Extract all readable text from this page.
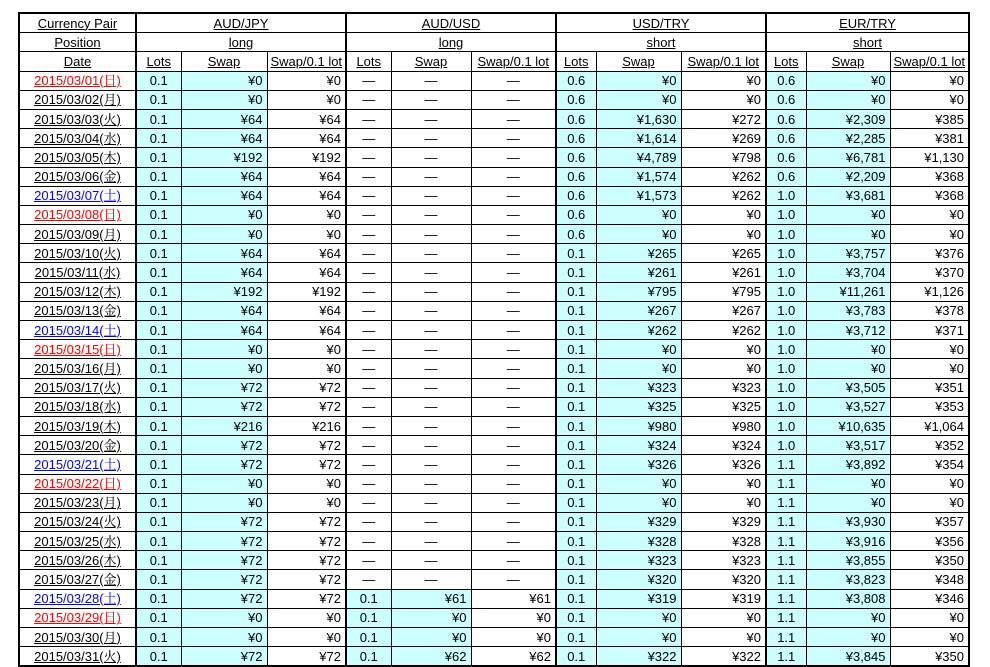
Currency Pair	AUD/JPY			AUD/USD			USD/TRY			EUR/TRY		
Position	long			long			short			short		
Date	Lots	Swap	Swap/0.1 lot	Lots	Swap	Swap/0.1 lot	Lots	Swap	Swap/0.1 lot	Lots	Swap	Swap/0.1 lot
2015/03/01(日)	0.1	¥0	¥0	—	—	—	0.6	¥0	¥0	0.6	¥0	¥0
2015/03/02(月)	0.1	¥0	¥0	—	—	—	0.6	¥0	¥0	0.6	¥0	¥0
2015/03/03(火)	0.1	¥64	¥64	—	—	—	0.6	¥1,630	¥272	0.6	¥2,309	¥385
2015/03/04(水)	0.1	¥64	¥64	—	—	—	0.6	¥1,614	¥269	0.6	¥2,285	¥381
2015/03/05(木)	0.1	¥192	¥192	—	—	—	0.6	¥4,789	¥798	0.6	¥6,781	¥1,130
2015/03/06(金)	0.1	¥64	¥64	—	—	—	0.6	¥1,574	¥262	0.6	¥2,209	¥368
2015/03/07(土)	0.1	¥64	¥64	—	—	—	0.6	¥1,573	¥262	1.0	¥3,681	¥368
2015/03/08(日)	0.1	¥0	¥0	—	—	—	0.6	¥0	¥0	1.0	¥0	¥0
2015/03/09(月)	0.1	¥0	¥0	—	—	—	0.6	¥0	¥0	1.0	¥0	¥0
2015/03/10(火)	0.1	¥64	¥64	—	—	—	0.1	¥265	¥265	1.0	¥3,757	¥376
2015/03/11(水)	0.1	¥64	¥64	—	—	—	0.1	¥261	¥261	1.0	¥3,704	¥370
2015/03/12(木)	0.1	¥192	¥192	—	—	—	0.1	¥795	¥795	1.0	¥11,261	¥1,126
2015/03/13(金)	0.1	¥64	¥64	—	—	—	0.1	¥267	¥267	1.0	¥3,783	¥378
2015/03/14(土)	0.1	¥64	¥64	—	—	—	0.1	¥262	¥262	1.0	¥3,712	¥371
2015/03/15(日)	0.1	¥0	¥0	—	—	—	0.1	¥0	¥0	1.0	¥0	¥0
2015/03/16(月)	0.1	¥0	¥0	—	—	—	0.1	¥0	¥0	1.0	¥0	¥0
2015/03/17(火)	0.1	¥72	¥72	—	—	—	0.1	¥323	¥323	1.0	¥3,505	¥351
2015/03/18(水)	0.1	¥72	¥72	—	—	—	0.1	¥325	¥325	1.0	¥3,527	¥353
2015/03/19(木)	0.1	¥216	¥216	—	—	—	0.1	¥980	¥980	1.0	¥10,635	¥1,064
2015/03/20(金)	0.1	¥72	¥72	—	—	—	0.1	¥324	¥324	1.0	¥3,517	¥352
2015/03/21(土)	0.1	¥72	¥72	—	—	—	0.1	¥326	¥326	1.1	¥3,892	¥354
2015/03/22(日)	0.1	¥0	¥0	—	—	—	0.1	¥0	¥0	1.1	¥0	¥0
2015/03/23(月)	0.1	¥0	¥0	—	—	—	0.1	¥0	¥0	1.1	¥0	¥0
2015/03/24(火)	0.1	¥72	¥72	—	—	—	0.1	¥329	¥329	1.1	¥3,930	¥357
2015/03/25(水)	0.1	¥72	¥72	—	—	—	0.1	¥328	¥328	1.1	¥3,916	¥356
2015/03/26(木)	0.1	¥72	¥72	—	—	—	0.1	¥323	¥323	1.1	¥3,855	¥350
2015/03/27(金)	0.1	¥72	¥72	—	—	—	0.1	¥320	¥320	1.1	¥3,823	¥348
2015/03/28(土)	0.1	¥72	¥72	0.1	¥61	¥61	0.1	¥319	¥319	1.1	¥3,808	¥346
2015/03/29(日)	0.1	¥0	¥0	0.1	¥0	¥0	0.1	¥0	¥0	1.1	¥0	¥0
2015/03/30(月)	0.1	¥0	¥0	0.1	¥0	¥0	0.1	¥0	¥0	1.1	¥0	¥0
2015/03/31(火)	0.1	¥72	¥72	0.1	¥62	¥62	0.1	¥322	¥322	1.1	¥3,845	¥350
